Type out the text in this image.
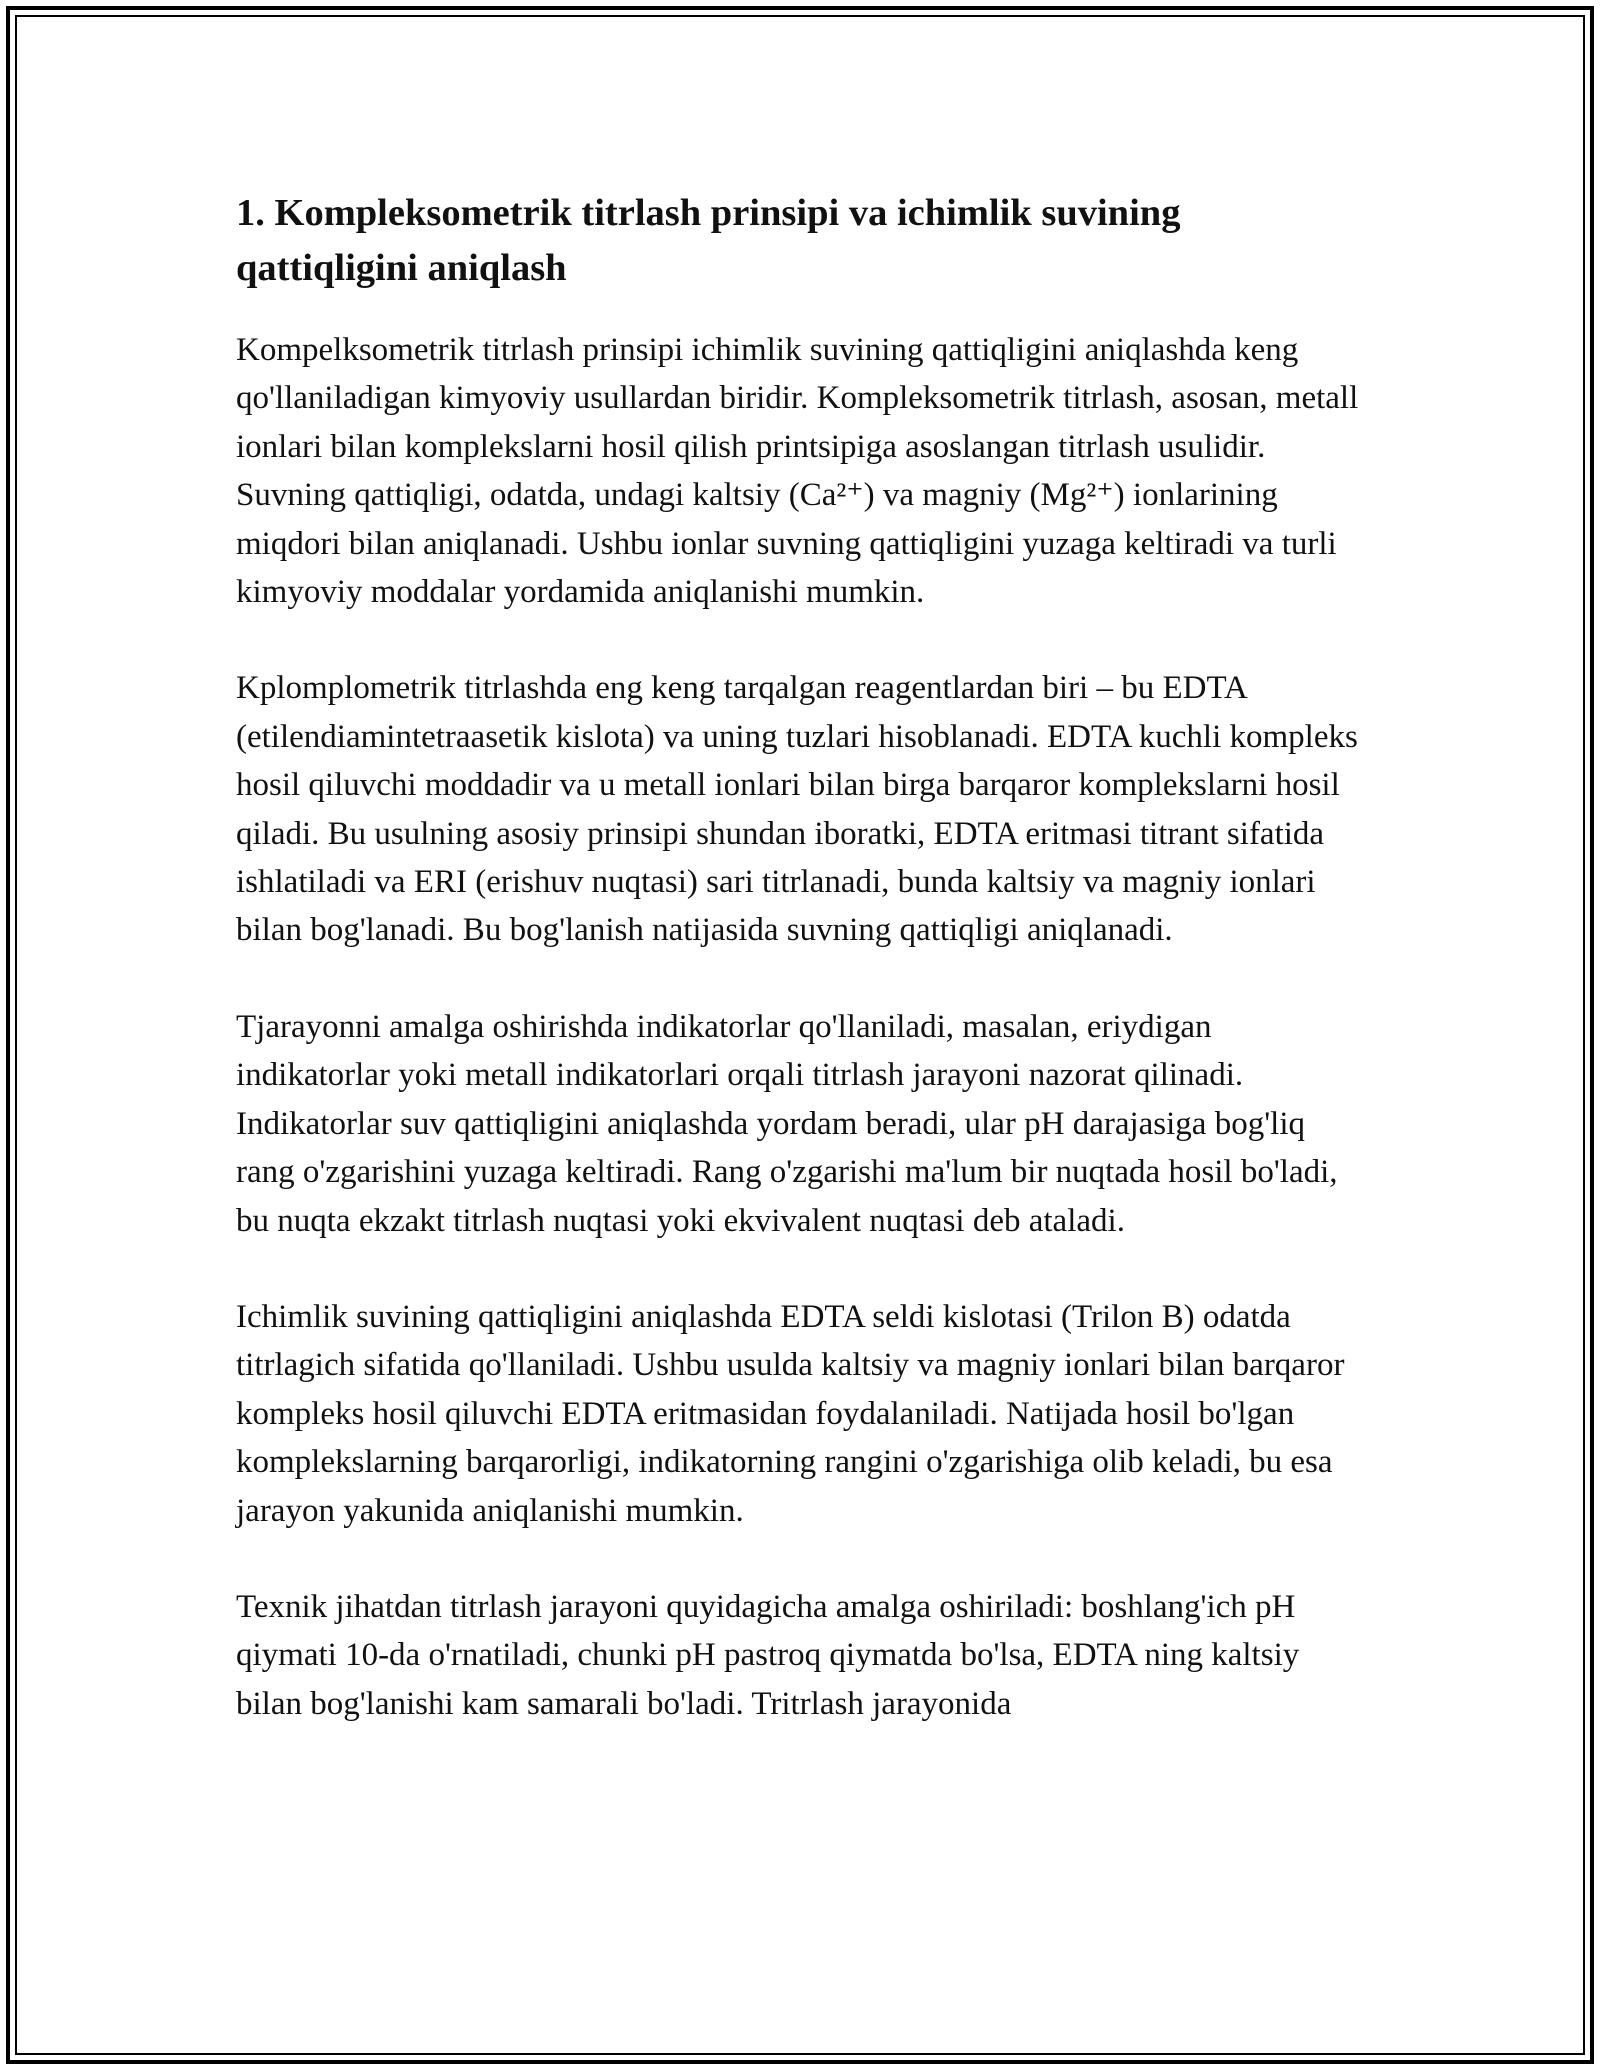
1. Kompleksometrik titrlash prinsipi va ichimlik suvining qattiqligini aniqlash

Kompelksometrik titrlash prinsipi ichimlik suvining qattiqligini aniqlashda keng qo'llaniladigan kimyoviy usullardan biridir. Kompleksometrik titrlash, asosan, metall ionlari bilan komplekslarni hosil qilish printsipiga asoslangan titrlash usulidir. Suvning qattiqligi, odatda, undagi kaltsiy (Ca²⁺) va magniy (Mg²⁺) ionlarining miqdori bilan aniqlanadi. Ushbu ionlar suvning qattiqligini yuzaga keltiradi va turli kimyoviy moddalar yordamida aniqlanishi mumkin.

Kplomplometrik titrlashda eng keng tarqalgan reagentlardan biri – bu EDTA (etilendiamintetraasetik kislota) va uning tuzlari hisoblanadi. EDTA kuchli kompleks hosil qiluvchi moddadir va u metall ionlari bilan birga barqaror komplekslarni hosil qiladi. Bu usulning asosiy prinsipi shundan iboratki, EDTA eritmasi titrant sifatida ishlatiladi va ERI (erishuv nuqtasi) sari titrlanadi, bunda kaltsiy va magniy ionlari bilan bog'lanadi. Bu bog'lanish natijasida suvning qattiqligi aniqlanadi.

Tjarayonni amalga oshirishda indikatorlar qo'llaniladi, masalan, eriydigan indikatorlar yoki metall indikatorlari orqali titrlash jarayoni nazorat qilinadi. Indikatorlar suv qattiqligini aniqlashda yordam beradi, ular pH darajasiga bog'liq rang o'zgarishini yuzaga keltiradi. Rang o'zgarishi ma'lum bir nuqtada hosil bo'ladi, bu nuqta ekzakt titrlash nuqtasi yoki ekvivalent nuqtasi deb ataladi.

Ichimlik suvining qattiqligini aniqlashda EDTA seldi kislotasi (Trilon B) odatda titrlagich sifatida qo'llaniladi. Ushbu usulda kaltsiy va magniy ionlari bilan barqaror kompleks hosil qiluvchi EDTA eritmasidan foydalaniladi. Natijada hosil bo'lgan komplekslarning barqarorligi, indikatorning rangini o'zgarishiga olib keladi, bu esa jarayon yakunida aniqlanishi mumkin.

Texnik jihatdan titrlash jarayoni quyidagicha amalga oshiriladi: boshlang'ich pH qiymati 10-da o'rnatiladi, chunki pH pastroq qiymatda bo'lsa, EDTA ning kaltsiy bilan bog'lanishi kam samarali bo'ladi. Tritrlash jarayonida
